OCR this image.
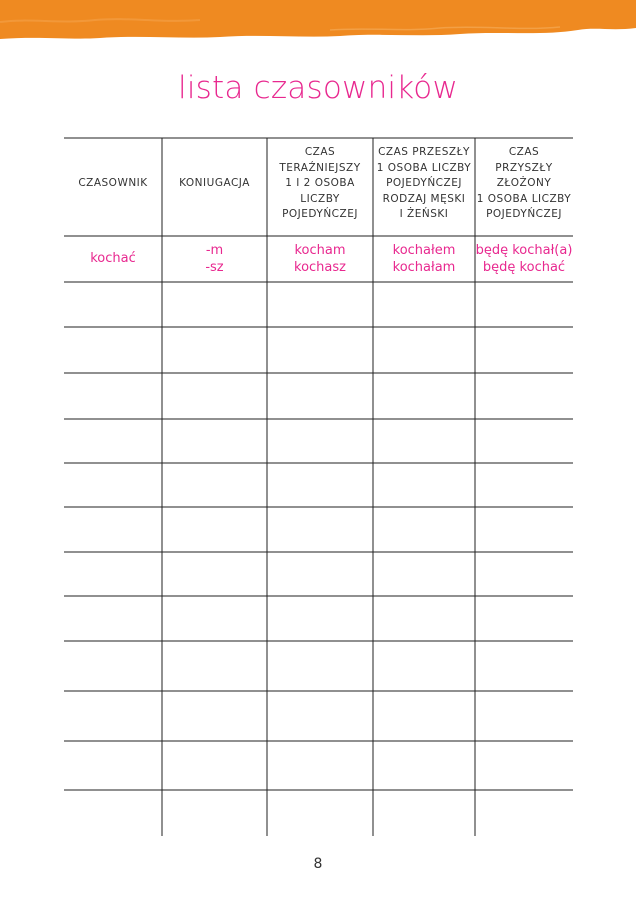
lista czasowników
CZASOWNIK	KONIUGACJA
CZAS
TERAŹNIEJSZY
1 I 2 OSOBA
LICZBY
POJEDYŃCZEJ
CZAS PRZESZŁY
1 OSOBA LICZBY
POJEDYŃCZEJ
RODZAJ MĘSKI
I ŻEŃSKI
CZAS
PRZYSZŁY
ZŁOŻONY
1 OSOBA LICZBY
POJEDYŃCZEJ
kochać
-m
-sz
kocham
kochasz
kochałem
kochałam
będę kochał(a)
będę kochać
8
